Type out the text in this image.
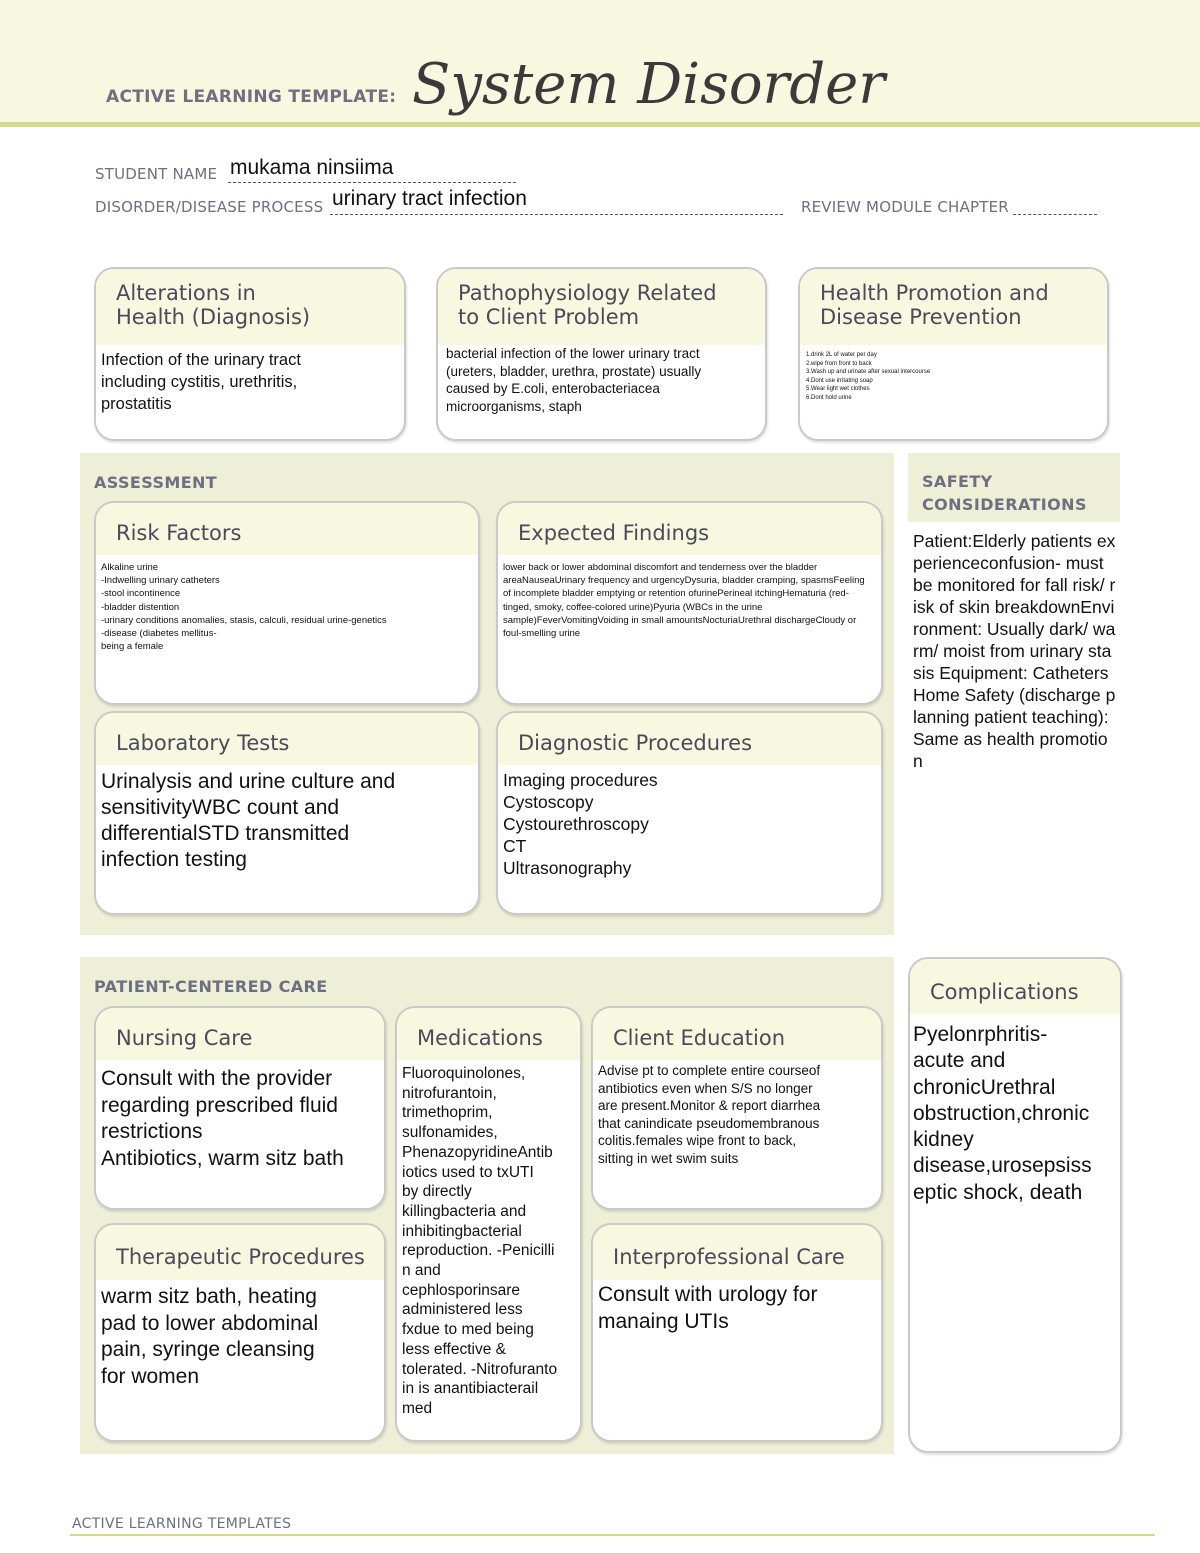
ACTIVE LEARNING TEMPLATE: System Disorder
STUDENT NAME mukama ninsiima
DISORDER/DISEASE PROCESS urinary tract infection	REVIEW MODULE CHAPTER
Alterations in
Health (Diagnosis)
Infection of the urinary tract
including cystitis, urethritis,
prostatitis
Pathophysiology Related
to Client Problem
bacterial infection of the lower urinary tract
(ureters, bladder, urethra, prostate) usually
caused by E.coli, enterobacteriacea
microorganisms, staph
Health Promotion and
Disease Prevention
1.drink 2L of water per day
2.wipe from front to back
3.Wash up and urinate after sexual intercourse
4.Dont use irritating soap
5.Wear light wet clothes
6.Dont hold urine
ASSESSMENT
Risk Factors
Alkaline urine
-Indwelling urinary catheters
-stool incontinence
-bladder distention
-urinary conditions anomalies, stasis, calculi, residual urine-genetics
-disease (diabetes mellitus-
being a female
Expected Findings
lower back or lower abdominal discomfort and tenderness over the bladder areaNauseaUrinary frequency and urgencyDysuria, bladder cramping, spasmsFeeling of incomplete bladder emptying or retention ofurinePerineal itchingHematuria (red-tinged, smoky, coffee-colored urine)Pyuria (WBCs in the urine sample)FeverVomitingVoiding in small amountsNocturiaUrethral dischargeCloudy or foul-smelling urine
Laboratory Tests
Urinalysis and urine culture and
sensitivityWBC count and
differentialSTD transmitted
infection testing
Diagnostic Procedures
Imaging procedures
Cystoscopy
Cystourethroscopy
CT
Ultrasonography
SAFETY
CONSIDERATIONS
Patient:Elderly patients experienceconfusion- must be monitored for fall risk/ risk of skin breakdownEnvironment: Usually dark/ warm/ moist from urinary stasis Equipment: Catheters Home Safety (discharge planning patient teaching):Same as health promotion
PATIENT-CENTERED CARE
Nursing Care
Consult with the provider
regarding prescribed fluid
restrictions
Antibiotics, warm sitz bath
Medications
Fluoroquinolones,
nitrofurantoin,
trimethoprim,
sulfonamides,
PhenazopyridineAntib
iotics used to txUTI
by directly
killingbacteria and
inhibitingbacterial
reproduction. -Penicilli
n and
cephlosporinsare
administered less
fxdue to med being
less effective &
tolerated. -Nitrofuranto
in is anantibiacterail
med
Client Education
Advise pt to complete entire courseof
antibiotics even when S/S no longer
are present.Monitor & report diarrhea
that canindicate pseudomembranous
colitis.females wipe front to back,
sitting in wet swim suits
Therapeutic Procedures
warm sitz bath, heating
pad to lower abdominal
pain, syringe cleansing
for women
Interprofessional Care
Consult with urology for
manaing UTIs
Complications
Pyelonrphritis-
acute and
chronicUrethral
obstruction,chronic
kidney
disease,urosepsiss
eptic shock, death
ACTIVE LEARNING TEMPLATES
